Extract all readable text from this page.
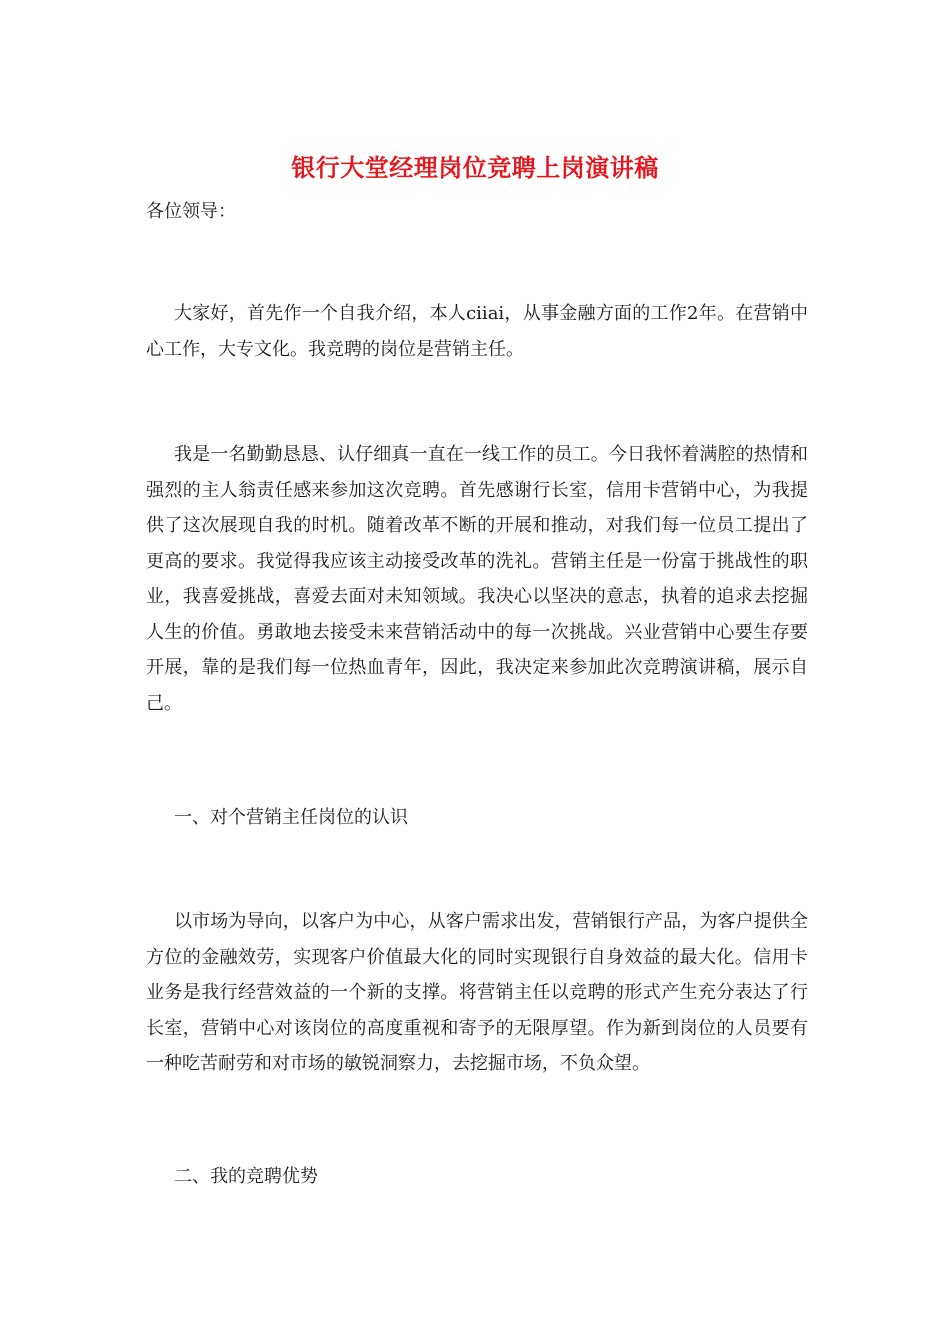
银行大堂经理岗位竞聘上岗演讲稿

各位领导：

大家好，首先作一个自我介绍，本人ciiai，从事金融方面的工作2年。在营销中心工作，大专文化。我竞聘的岗位是营销主任。

我是一名勤勤恳恳、认仔细真一直在一线工作的员工。今日我怀着满腔的热情和强烈的主人翁责任感来参加这次竞聘。首先感谢行长室，信用卡营销中心，为我提供了这次展现自我的时机。随着改革不断的开展和推动，对我们每一位员工提出了更高的要求。我觉得我应该主动接受改革的洗礼。营销主任是一份富于挑战性的职业，我喜爱挑战，喜爱去面对未知领域。我决心以坚决的意志，执着的追求去挖掘人生的价值。勇敢地去接受未来营销活动中的每一次挑战。兴业营销中心要生存要开展，靠的是我们每一位热血青年，因此，我决定来参加此次竞聘演讲稿，展示自己。

一、对个营销主任岗位的认识

以市场为导向，以客户为中心，从客户需求出发，营销银行产品，为客户提供全方位的金融效劳，实现客户价值最大化的同时实现银行自身效益的最大化。信用卡业务是我行经营效益的一个新的支撑。将营销主任以竞聘的形式产生充分表达了行长室，营销中心对该岗位的高度重视和寄予的无限厚望。作为新到岗位的人员要有一种吃苦耐劳和对市场的敏锐洞察力，去挖掘市场，不负众望。

二、我的竞聘优势
